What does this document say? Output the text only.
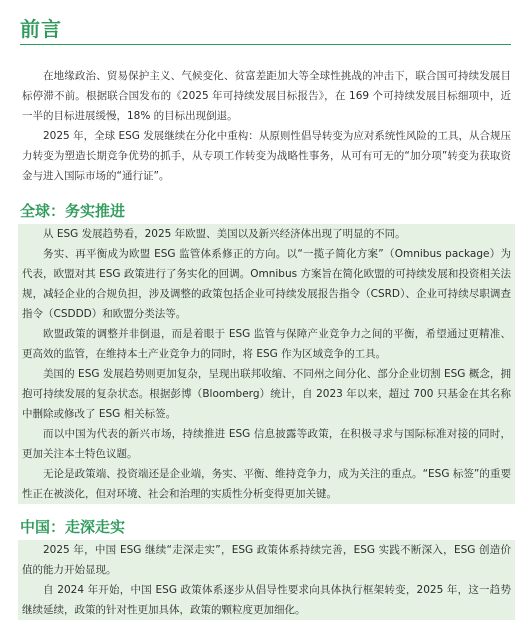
前言

在地缘政治、贸易保护主义、气候变化、贫富差距加大等全球性挑战的冲击下，联合国可持续发展目标停滞不前。根据联合国发布的《2025 年可持续发展目标报告》，在 169 个可持续发展目标细项中，近一半的目标进展缓慢，18% 的目标出现倒退。

2025 年，全球 ESG 发展继续在分化中重构：从原则性倡导转变为应对系统性风险的工具，从合规压力转变为塑造长期竞争优势的抓手，从专项工作转变为战略性事务，从可有可无的“加分项”转变为获取资金与进入国际市场的“通行证”。

全球：务实推进

从 ESG 发展趋势看，2025 年欧盟、美国以及新兴经济体出现了明显的不同。

务实、再平衡成为欧盟 ESG 监管体系修正的方向。以“一揽子简化方案”（Omnibus package）为代表，欧盟对其 ESG 政策进行了务实化的回调。Omnibus 方案旨在简化欧盟的可持续发展和投资相关法规，减轻企业的合规负担，涉及调整的政策包括企业可持续发展报告指令（CSRD）、企业可持续尽职调查指令（CSDDD）和欧盟分类法等。

欧盟政策的调整并非倒退，而是着眼于 ESG 监管与保障产业竞争力之间的平衡，希望通过更精准、更高效的监管，在维持本土产业竞争力的同时，将 ESG 作为区域竞争的工具。

美国的 ESG 发展趋势则更加复杂，呈现出联邦收缩、不同州之间分化、部分企业切割 ESG 概念，拥抱可持续发展的复杂状态。根据彭博（Bloomberg）统计，自 2023 年以来，超过 700 只基金在其名称中删除或修改了 ESG 相关标签。

而以中国为代表的新兴市场，持续推进 ESG 信息披露等政策，在积极寻求与国际标准对接的同时，更加关注本土特色议题。

无论是政策端、投资端还是企业端，务实、平衡、维持竞争力，成为关注的重点。“ESG 标签”的重要性正在被淡化，但对环境、社会和治理的实质性分析变得更加关键。

中国：走深走实

2025 年，中国 ESG 继续“走深走实”，ESG 政策体系持续完善，ESG 实践不断深入，ESG 创造价值的能力开始显现。

自 2024 年开始，中国 ESG 政策体系逐步从倡导性要求向具体执行框架转变，2025 年，这一趋势继续延续，政策的针对性更加具体，政策的颗粒度更加细化。
